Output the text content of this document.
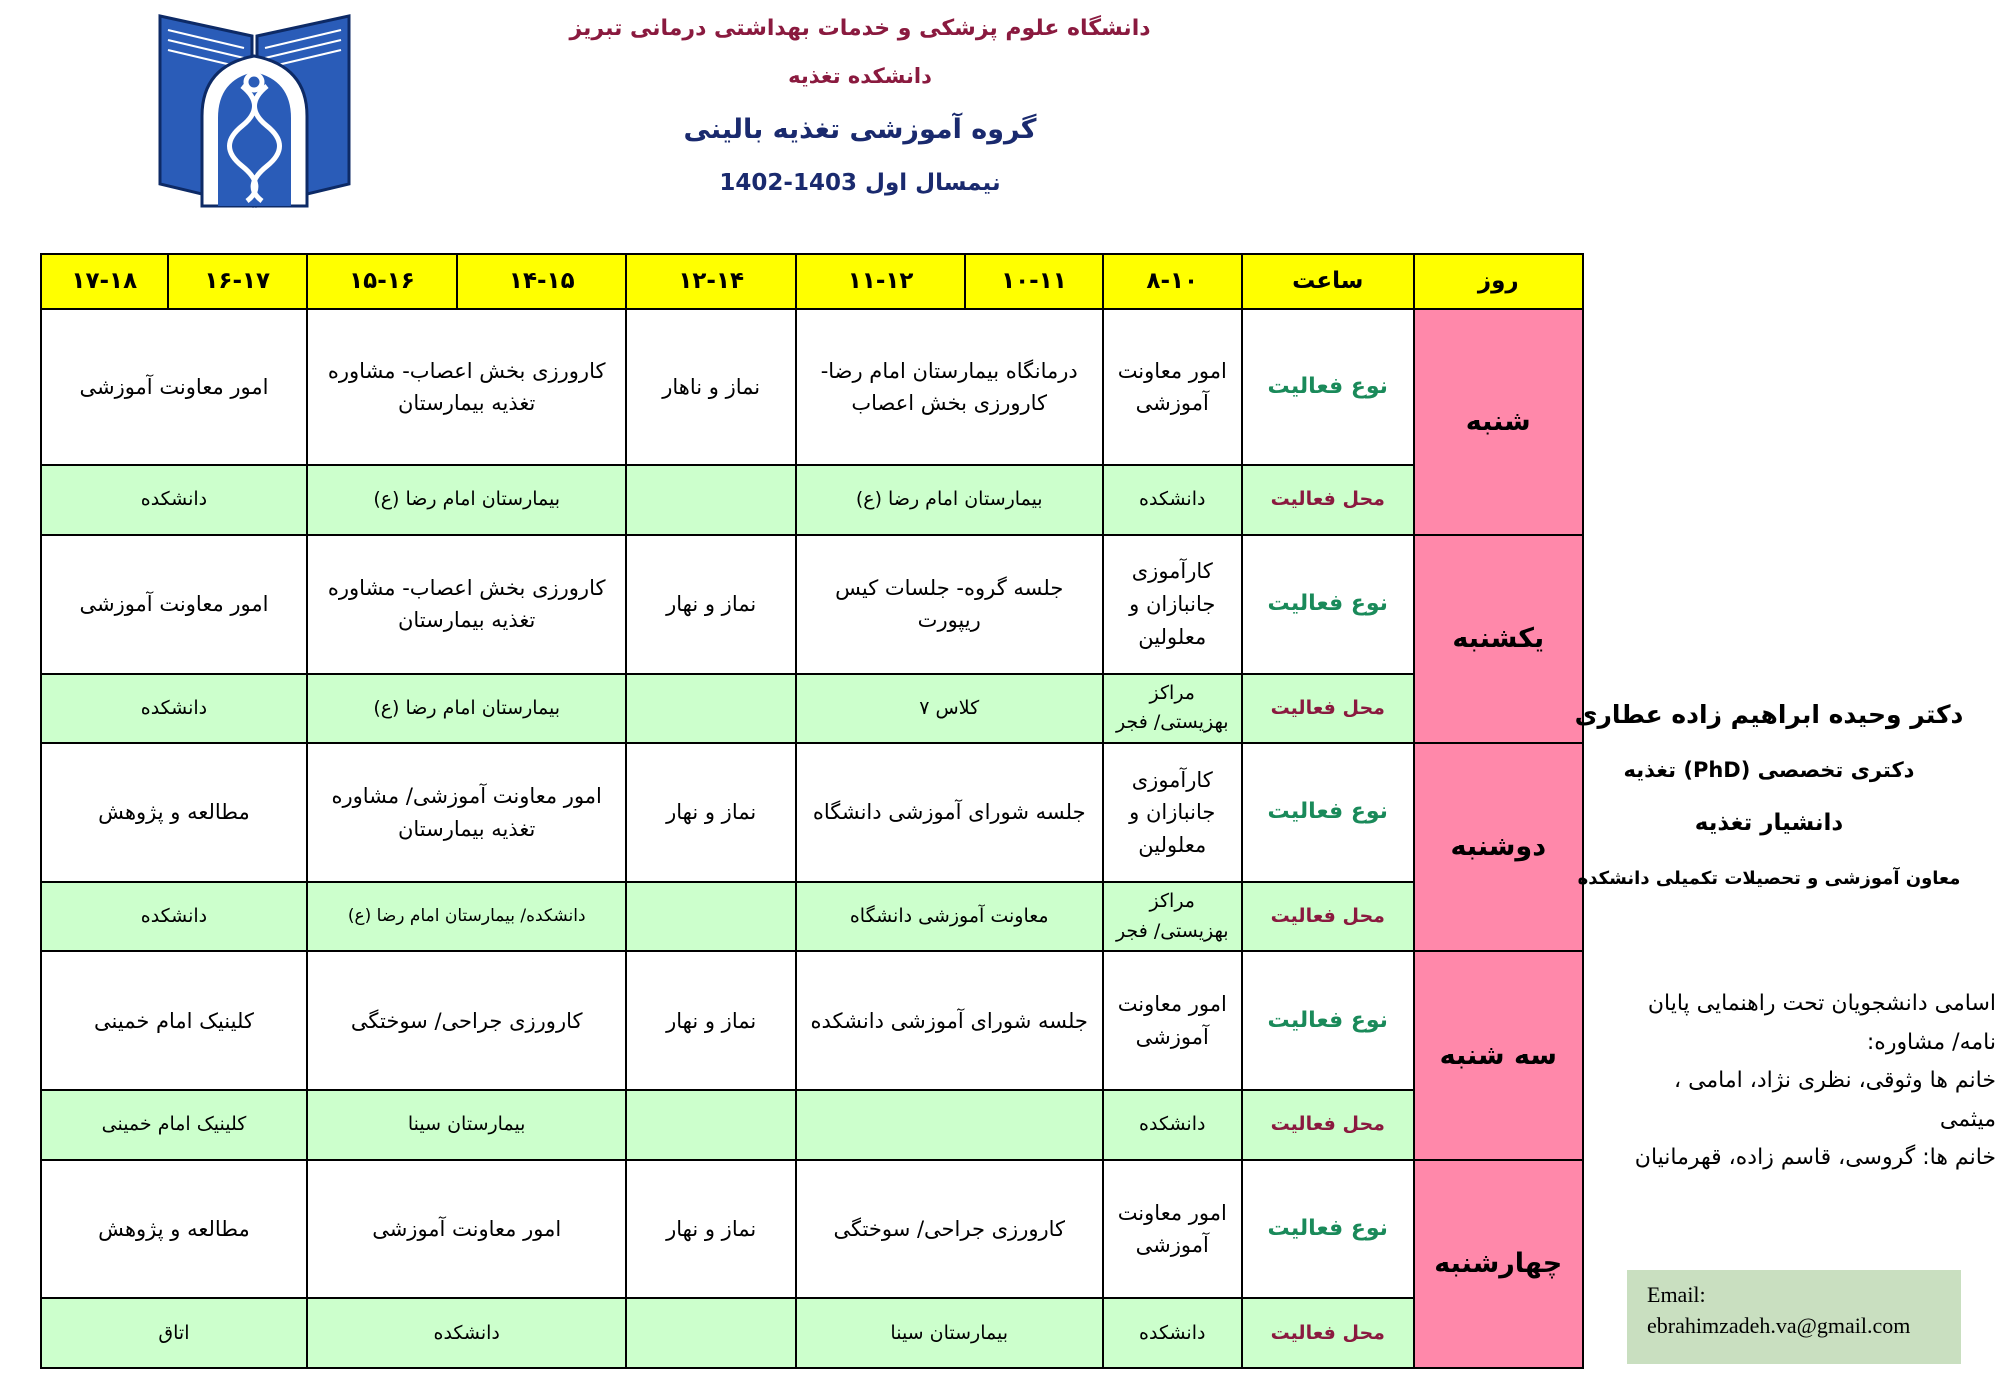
دانشگاه علوم پزشکی و خدمات بهداشتی درمانی تبریز
دانشکده تغذیه
گروه آموزشی تغذیه بالینی
نیمسال اول 1403-1402
۱۷-۱۸	۱۶-۱۷	۱۵-۱۶	۱۴-۱۵	۱۲-۱۴	۱۱-۱۲	۱۰-۱۱	۸-۱۰	ساعت	روز

امور معاونت آموزشی		کارورزی بخش اعصاب- مشاوره تغذیه بیمارستان		نماز و ناهار	درمانگاه بیمارستان امام رضا- کارورزی بخش اعصاب		امور معاونت آموزشی	نوع فعالیت	شنبه

دانشکده		بیمارستان امام رضا (ع)			بیمارستان امام رضا (ع)		دانشکده	محل فعالیت	

امور معاونت آموزشی		کارورزی بخش اعصاب- مشاوره تغذیه بیمارستان		نماز و نهار	جلسه گروه- جلسات کیس ریپورت		کارآموزی جانبازان و معلولین	نوع فعالیت	یکشنبه

دانشکده		بیمارستان امام رضا (ع)			کلاس ۷		مراکز بهزیستی/ فجر	محل فعالیت	

مطالعه و پژوهش		امور معاونت آموزشی/ مشاوره تغذیه بیمارستان		نماز و نهار	جلسه شورای آموزشی دانشگاه		کارآموزی جانبازان و معلولین	نوع فعالیت	دوشنبه

دانشکده		دانشکده/ بیمارستان امام رضا (ع)			معاونت آموزشی دانشگاه		مراکز بهزیستی/ فجر	محل فعالیت	

کلینیک امام خمینی		کارورزی جراحی/ سوختگی		نماز و نهار	جلسه شورای آموزشی دانشکده		امور معاونت آموزشی	نوع فعالیت	سه شنبه

کلینیک امام خمینی		بیمارستان سینا					دانشکده	محل فعالیت	

مطالعه و پژوهش		امور معاونت آموزشی		نماز و نهار	کارورزی جراحی/ سوختگی		امور معاونت آموزشی	نوع فعالیت	چهارشنبه

اتاق		دانشکده			بیمارستان سینا		دانشکده	محل فعالیت	
دکتر وحیده ابراهیم زاده عطاری
دکتری تخصصی (PhD) تغذیه
دانشیار تغذیه
معاون آموزشی و تحصیلات تکمیلی دانشکده
اسامی دانشجویان تحت راهنمایی پایان
نامه/ مشاوره:
خانم ها وثوقی، نظری نژاد، امامی ،
میثمی
خانم ها: گروسی، قاسم زاده، قهرمانیان
Email:
ebrahimzadeh.va@gmail.com
